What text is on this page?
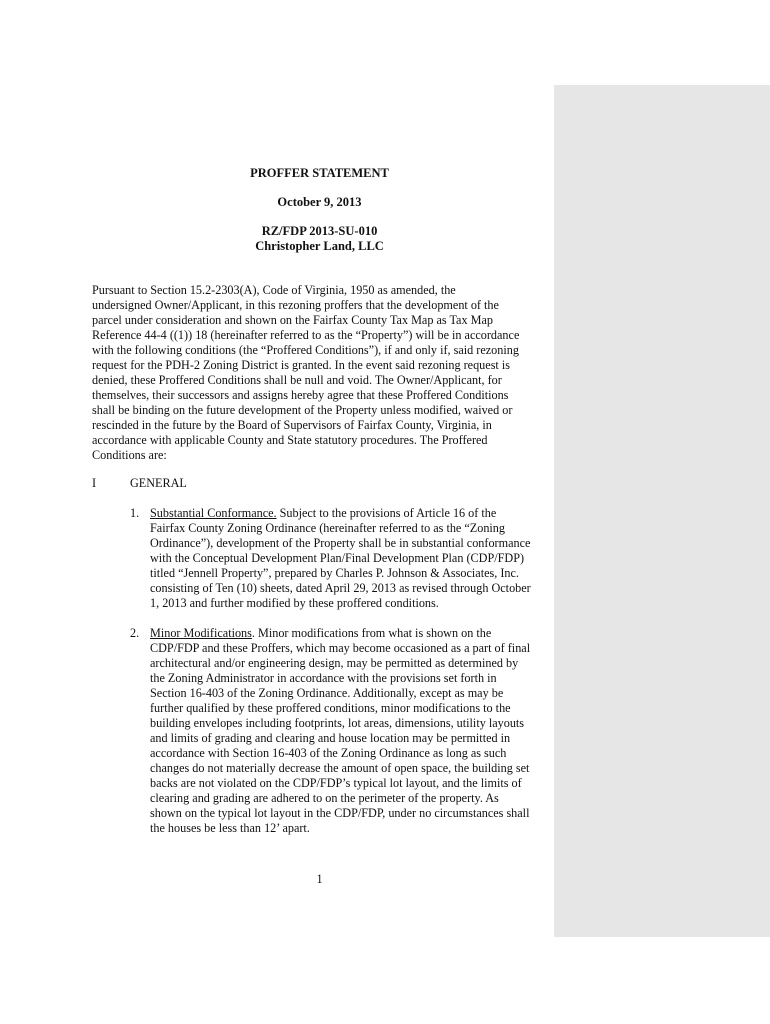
PROFFER STATEMENT
October 9, 2013
RZ/FDP 2013-SU-010
Christopher Land, LLC

Pursuant to Section 15.2-2303(A), Code of Virginia, 1950 as amended, the
undersigned Owner/Applicant, in this rezoning proffers that the development of the
parcel under consideration and shown on the Fairfax County Tax Map as Tax Map
Reference 44-4 ((1)) 18 (hereinafter referred to as the “Property”) will be in accordance
with the following conditions (the “Proffered Conditions”), if and only if, said rezoning
request for the PDH-2 Zoning District is granted. In the event said rezoning request is
denied, these Proffered Conditions shall be null and void. The Owner/Applicant, for
themselves, their successors and assigns hereby agree that these Proffered Conditions
shall be binding on the future development of the Property unless modified, waived or
rescinded in the future by the Board of Supervisors of Fairfax County, Virginia, in
accordance with applicable County and State statutory procedures. The Proffered
Conditions are:

I	GENERAL
1. Substantial Conformance. Subject to the provisions of Article 16 of the
Fairfax County Zoning Ordinance (hereinafter referred to as the “Zoning
Ordinance”), development of the Property shall be in substantial conformance
with the Conceptual Development Plan/Final Development Plan (CDP/FDP)
titled “Jennell Property”, prepared by Charles P. Johnson & Associates, Inc.
consisting of Ten (10) sheets, dated April 29, 2013 as revised through October
1, 2013 and further modified by these proffered conditions.

2. Minor Modifications. Minor modifications from what is shown on the
CDP/FDP and these Proffers, which may become occasioned as a part of final
architectural and/or engineering design, may be permitted as determined by
the Zoning Administrator in accordance with the provisions set forth in
Section 16-403 of the Zoning Ordinance. Additionally, except as may be
further qualified by these proffered conditions, minor modifications to the
building envelopes including footprints, lot areas, dimensions, utility layouts
and limits of grading and clearing and house location may be permitted in
accordance with Section 16-403 of the Zoning Ordinance as long as such
changes do not materially decrease the amount of open space, the building set
backs are not violated on the CDP/FDP’s typical lot layout, and the limits of
clearing and grading are adhered to on the perimeter of the property. As
shown on the typical lot layout in the CDP/FDP, under no circumstances shall
the houses be less than 12’ apart.

1
